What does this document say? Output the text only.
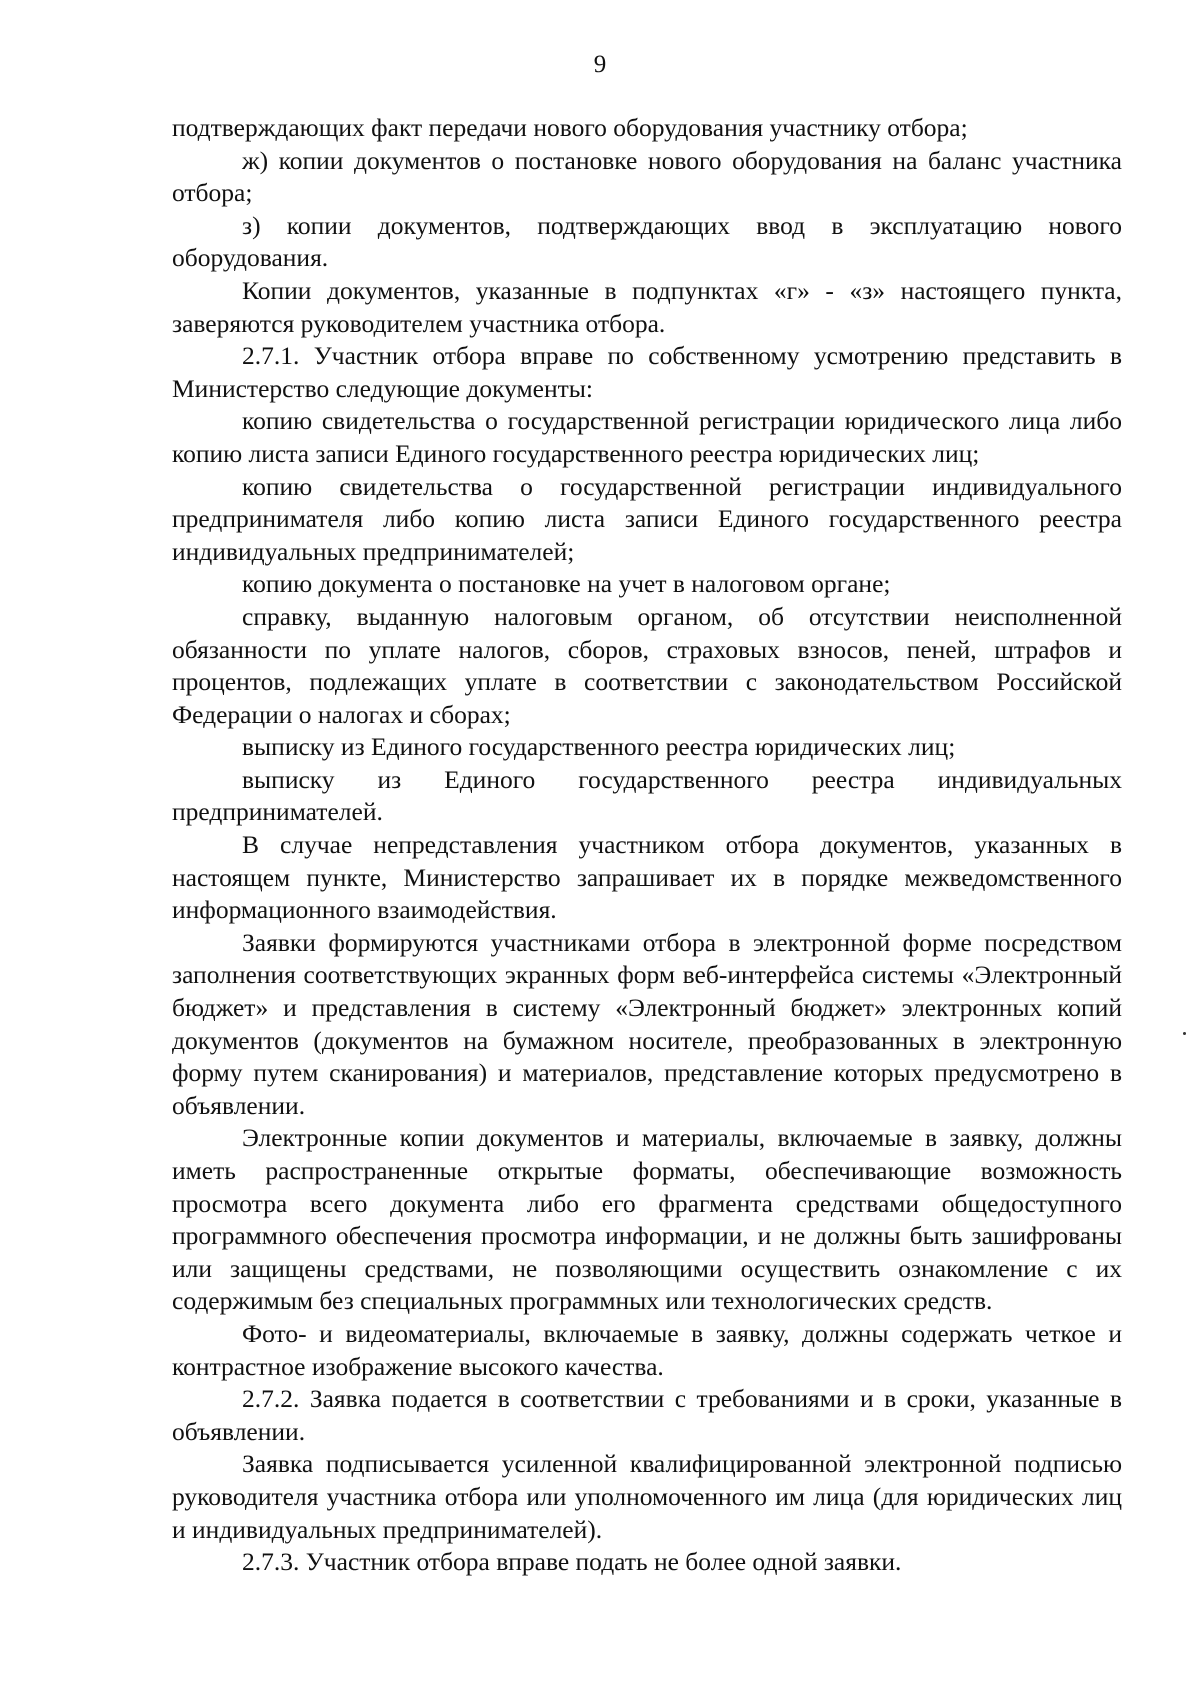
9

подтверждающих факт передачи нового оборудования участнику отбора;

ж) копии документов о постановке нового оборудования на баланс участника отбора;

з) копии документов, подтверждающих ввод в эксплуатацию нового оборудования.

Копии документов, указанные в подпунктах «г» - «з» настоящего пункта, заверяются руководителем участника отбора.

2.7.1. Участник отбора вправе по собственному усмотрению представить в Министерство следующие документы:

копию свидетельства о государственной регистрации юридического лица либо копию листа записи Единого государственного реестра юридических лиц;

копию свидетельства о государственной регистрации индивидуального предпринимателя либо копию листа записи Единого государственного реестра индивидуальных предпринимателей;

копию документа о постановке на учет в налоговом органе;

справку, выданную налоговым органом, об отсутствии неисполненной обязанности по уплате налогов, сборов, страховых взносов, пеней, штрафов и процентов, подлежащих уплате в соответствии с законодательством Российской Федерации о налогах и сборах;

выписку из Единого государственного реестра юридических лиц;

выписку из Единого государственного реестра индивидуальных предпринимателей.

В случае непредставления участником отбора документов, указанных в настоящем пункте, Министерство запрашивает их в порядке межведомственного информационного взаимодействия.

Заявки формируются участниками отбора в электронной форме посредством заполнения соответствующих экранных форм веб-интерфейса системы «Электронный бюджет» и представления в систему «Электронный бюджет» электронных копий документов (документов на бумажном носителе, преобразованных в электронную форму путем сканирования) и материалов, представление которых предусмотрено в объявлении.

Электронные копии документов и материалы, включаемые в заявку, должны иметь распространенные открытые форматы, обеспечивающие возможность просмотра всего документа либо его фрагмента средствами общедоступного программного обеспечения просмотра информации, и не должны быть зашифрованы или защищены средствами, не позволяющими осуществить ознакомление с их содержимым без специальных программных или технологических средств.

Фото- и видеоматериалы, включаемые в заявку, должны содержать четкое и контрастное изображение высокого качества.

2.7.2. Заявка подается в соответствии с требованиями и в сроки, указанные в объявлении.

Заявка подписывается усиленной квалифицированной электронной подписью руководителя участника отбора или уполномоченного им лица (для юридических лиц и индивидуальных предпринимателей).

2.7.3. Участник отбора вправе подать не более одной заявки.
